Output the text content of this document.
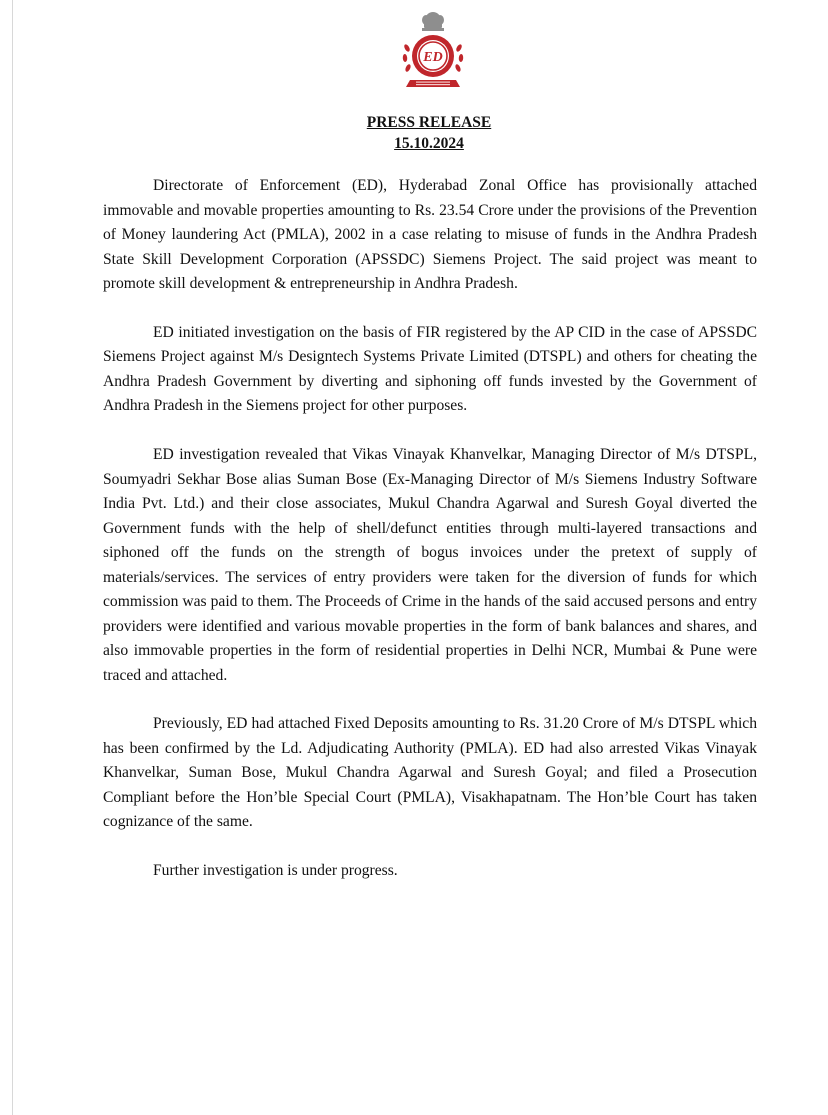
ED
PRESS RELEASE
15.10.2024

Directorate of Enforcement (ED), Hyderabad Zonal Office has provisionally attached immovable and movable properties amounting to Rs. 23.54 Crore under the provisions of the Prevention of Money laundering Act (PMLA), 2002 in a case relating to misuse of funds in the Andhra Pradesh State Skill Development Corporation (APSSDC) Siemens Project. The said project was meant to promote skill development & entrepreneurship in Andhra Pradesh.

ED initiated investigation on the basis of FIR registered by the AP CID in the case of APSSDC Siemens Project against M/s Designtech Systems Private Limited (DTSPL) and others for cheating the Andhra Pradesh Government by diverting and siphoning off funds invested by the Government of Andhra Pradesh in the Siemens project for other purposes.

ED investigation revealed that Vikas Vinayak Khanvelkar, Managing Director of M/s DTSPL, Soumyadri Sekhar Bose alias Suman Bose (Ex-Managing Director of M/s Siemens Industry Software India Pvt. Ltd.) and their close associates, Mukul Chandra Agarwal and Suresh Goyal diverted the Government funds with the help of shell/defunct entities through multi-layered transactions and siphoned off the funds on the strength of bogus invoices under the pretext of supply of materials/services. The services of entry providers were taken for the diversion of funds for which commission was paid to them. The Proceeds of Crime in the hands of the said accused persons and entry providers were identified and various movable properties in the form of bank balances and shares, and also immovable properties in the form of residential properties in Delhi NCR, Mumbai & Pune were traced and attached.

Previously, ED had attached Fixed Deposits amounting to Rs. 31.20 Crore of M/s DTSPL which has been confirmed by the Ld. Adjudicating Authority (PMLA). ED had also arrested Vikas Vinayak Khanvelkar, Suman Bose, Mukul Chandra Agarwal and Suresh Goyal; and filed a Prosecution Compliant before the Hon’ble Special Court (PMLA), Visakhapatnam. The Hon’ble Court has taken cognizance of the same.

Further investigation is under progress.
